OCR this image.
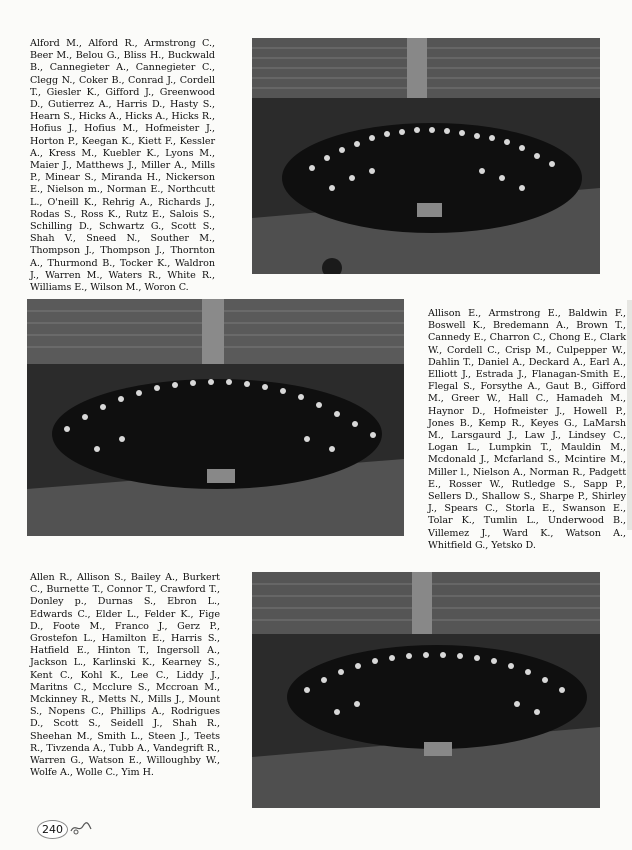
Alford M., Alford R., Armstrong C., Beer M., Belou G., Bliss H., Buckwald B., Cannegieter A., Cannegieter C., Clegg N., Coker B., Conrad J., Cordell T., Giesler K., Gifford J., Greenwood D., Gutierrez A., Harris D., Hasty S., Hearn S., Hicks A., Hicks A., Hicks R., Hofius J., Hofius M., Hofmeister J., Horton P., Keegan K., Kiett F., Kessler A., Kress M., Kuebler K., Lyons M., Maier J., Matthews J., Miller A., Mills P., Minear S., Miranda H., Nickerson E., Nielson m., Norman E., Northcutt L., O'neill K., Rehrig A., Richards J., Rodas S., Ross K., Rutz E., Salois S., Schilling D., Schwartz G., Scott S., Shah V., Sneed N., Souther M., Thompson J., Thompson J., Thornton A., Thurmond B., Tocker K., Waldron J., Warren M., Waters R., White R., Williams E., Wilson M., Woron C.

Allison E., Armstrong E., Baldwin F., Boswell K., Bredemann A., Brown T., Cannedy E., Charron C., Chong E., Clark W., Cordell C., Crisp M., Culpepper W., Dahlin T., Daniel A., Deckard A., Earl A., Elliott J., Estrada J., Flanagan-Smith E., Flegal S., Forsythe A., Gaut B., Gifford M., Greer W., Hall C., Hamadeh M., Haynor D., Hofmeister J., Howell P., Jones B., Kemp R., Keyes G., LaMarsh M., Larsgaurd J., Law J., Lindsey C., Logan L., Lumpkin T., Mauldin M., Mcdonald J., Mcfarland S., Mcintire M., Miller l., Nielson A., Norman R., Padgett E., Rosser W., Rutledge S., Sapp P., Sellers D., Shallow S., Sharpe P., Shirley J., Spears C., Storla E., Swanson E., Tolar K., Tumlin L., Underwood B., Villemez J., Ward K., Watson A., Whitfield G., Yetsko D.

Allen R., Allison S., Bailey A., Burkert C., Burnette T., Connor T., Crawford T., Donley p., Durnas S., Ebron L., Edwards C., Elder L., Felder K., Fige D., Foote M., Franco J., Gerz P., Grostefon L., Hamilton E., Harris S., Hatfield E., Hinton T., Ingersoll A., Jackson L., Karlinski K., Kearney S., Kent C., Kohl K., Lee C., Liddy J., Maritns C., Mcclure S., Mccroan M., Mckinney R., Metts N., Mills J., Mount S., Nopens C., Phillips A., Rodrigues D., Scott S., Seidell J., Shah R., Sheehan M., Smith L., Steen J., Teets R., Tivzenda A., Tubb A., Vandegrift R., Warren G., Watson E., Willoughby W., Wolfe A., Wolle C., Yim H.

240
